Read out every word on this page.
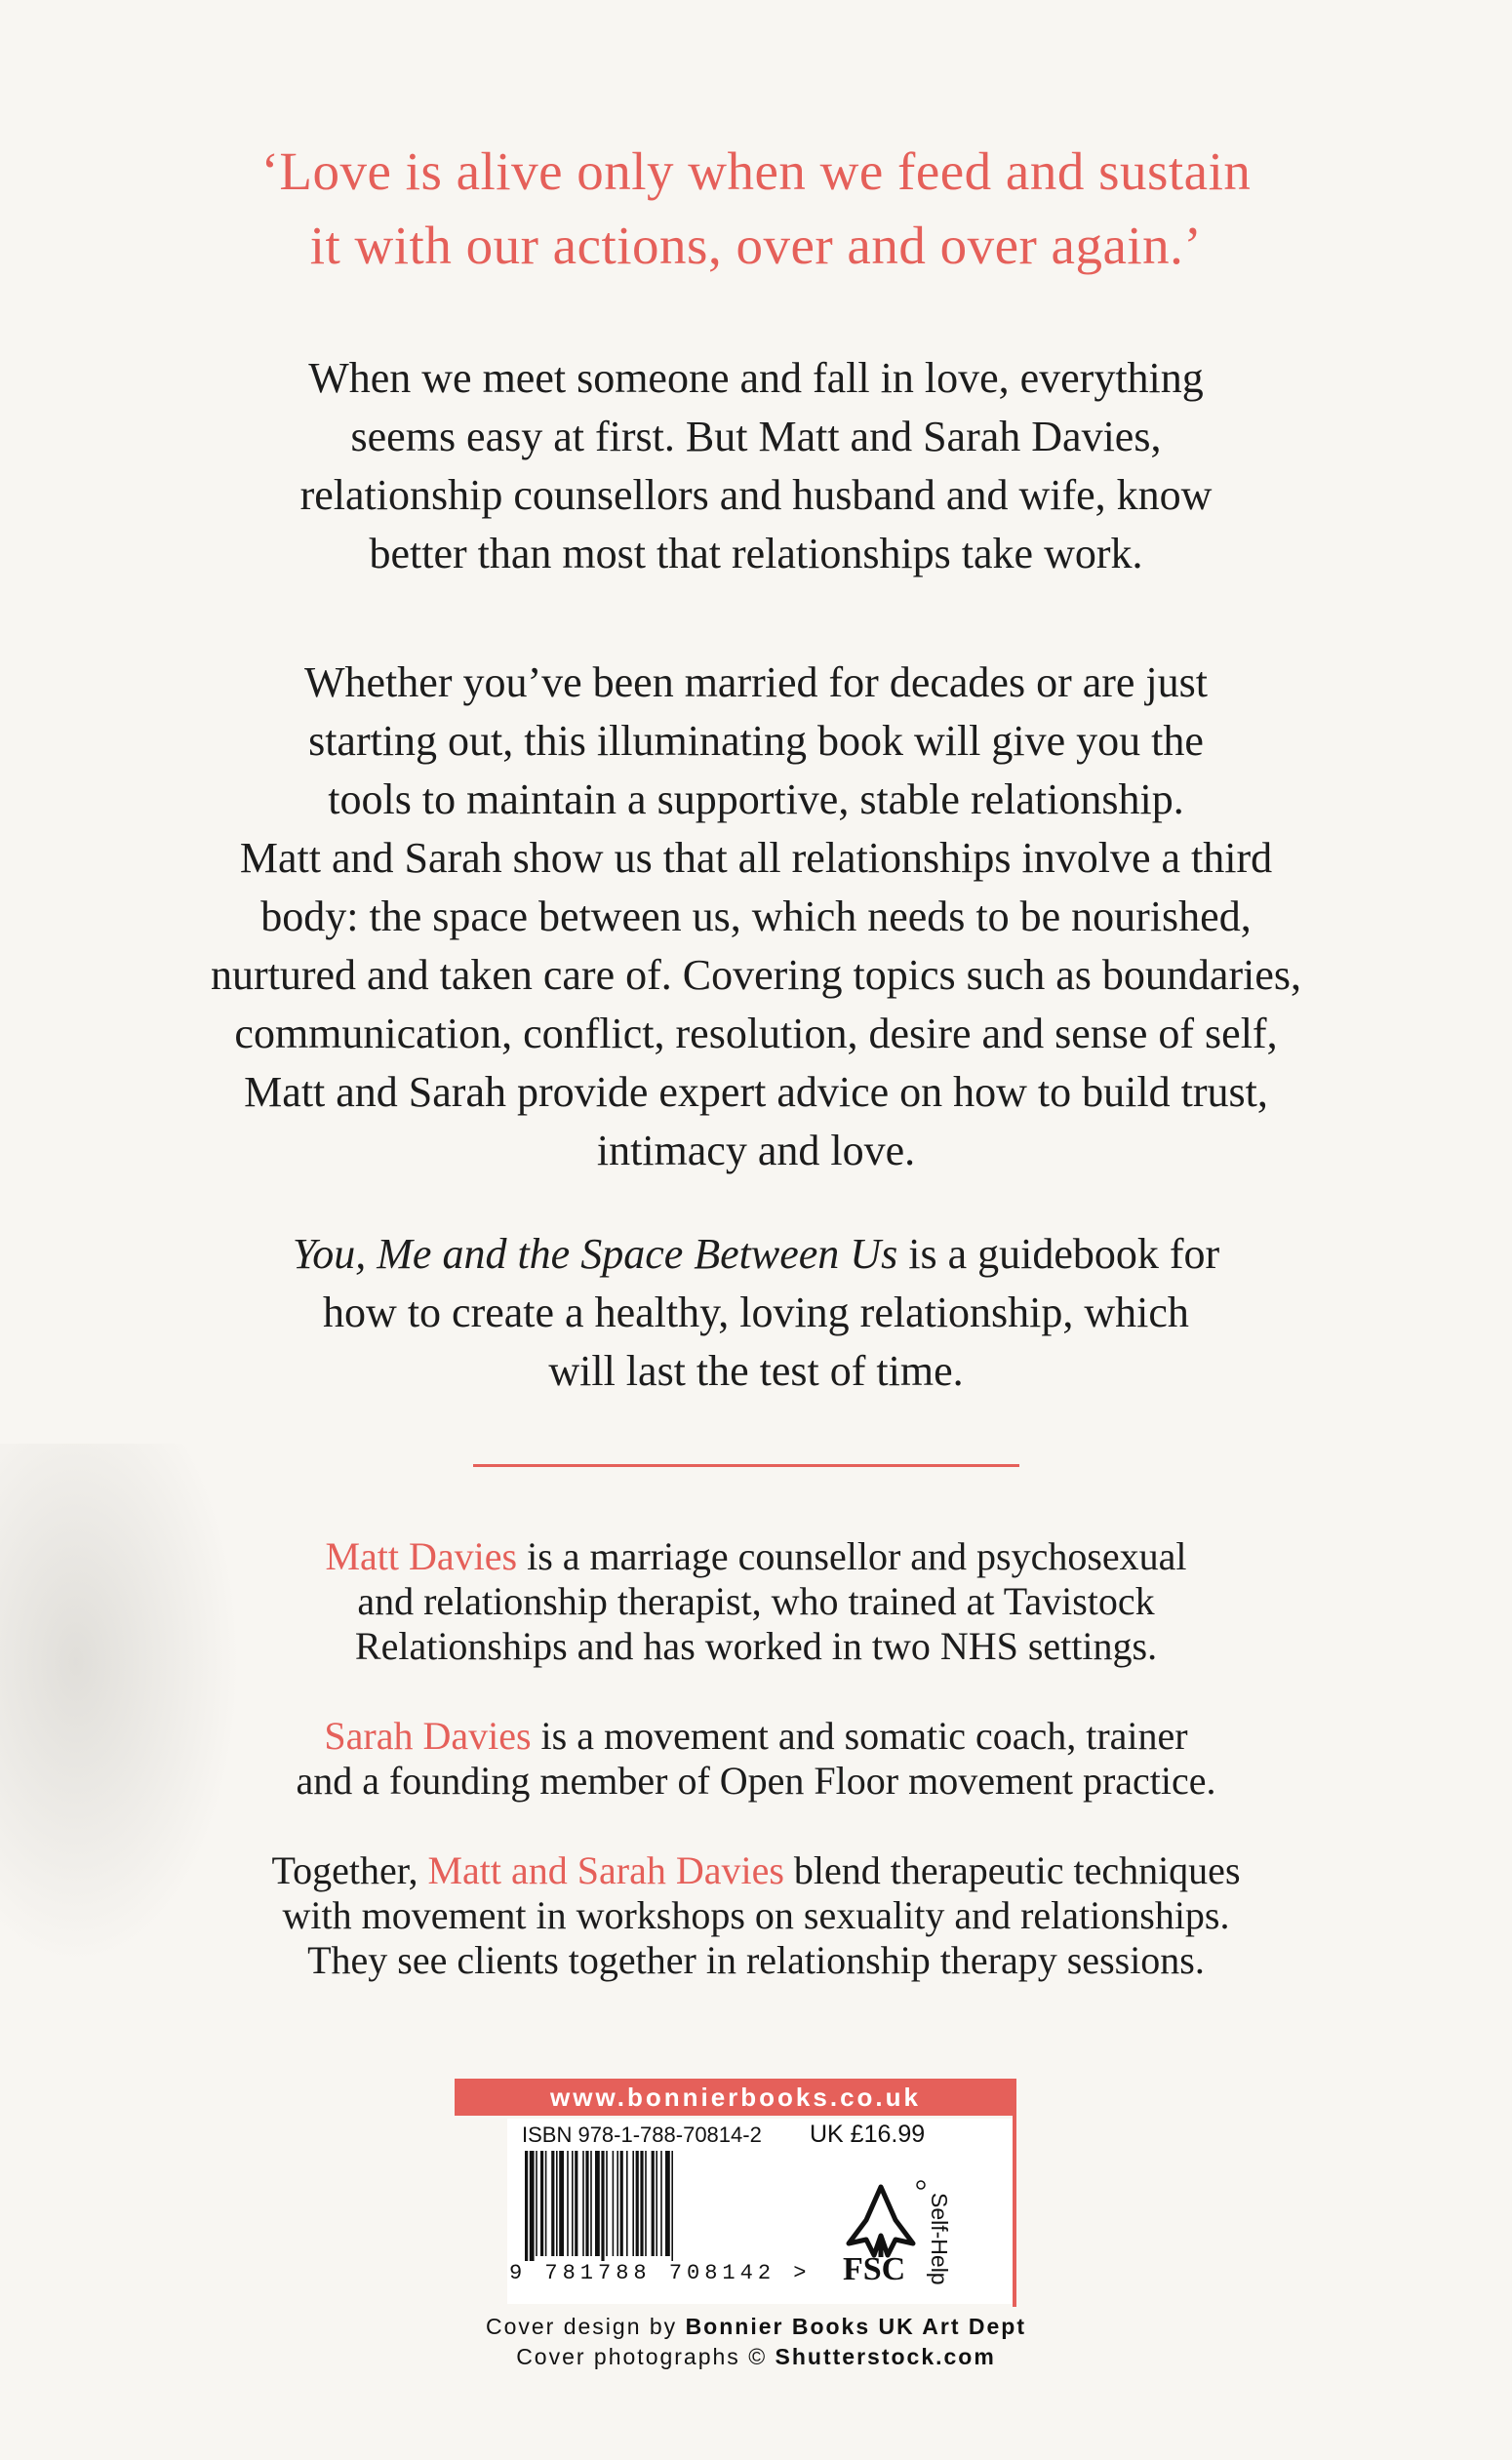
‘Love is alive only when we feed and sustain
it with our actions, over and over again.’
When we meet someone and fall in love, everything
seems easy at first. But Matt and Sarah Davies,
relationship counsellors and husband and wife, know
better than most that relationships take work.
Whether you’ve been married for decades or are just
starting out, this illuminating book will give you the
tools to maintain a supportive, stable relationship.
Matt and Sarah show us that all relationships involve a third
body: the space between us, which needs to be nourished,
nurtured and taken care of. Covering topics such as boundaries,
communication, conflict, resolution, desire and sense of self,
Matt and Sarah provide expert advice on how to build trust,
intimacy and love.
You, Me and the Space Between Us is a guidebook for
how to create a healthy, loving relationship, which
will last the test of time.
Matt Davies is a marriage counsellor and psychosexual
and relationship therapist, who trained at Tavistock
Relationships and has worked in two NHS settings.
Sarah Davies is a movement and somatic coach, trainer
and a founding member of Open Floor movement practice.
Together, Matt and Sarah Davies blend therapeutic techniques
with movement in workshops on sexuality and relationships.
They see clients together in relationship therapy sessions.
www.bonnierbooks.co.uk
ISBN 978-1-788-70814-2 UK £16.99
9 781788 708142 > FSC Self-Help
Cover design by Bonnier Books UK Art Dept
Cover photographs © Shutterstock.com
